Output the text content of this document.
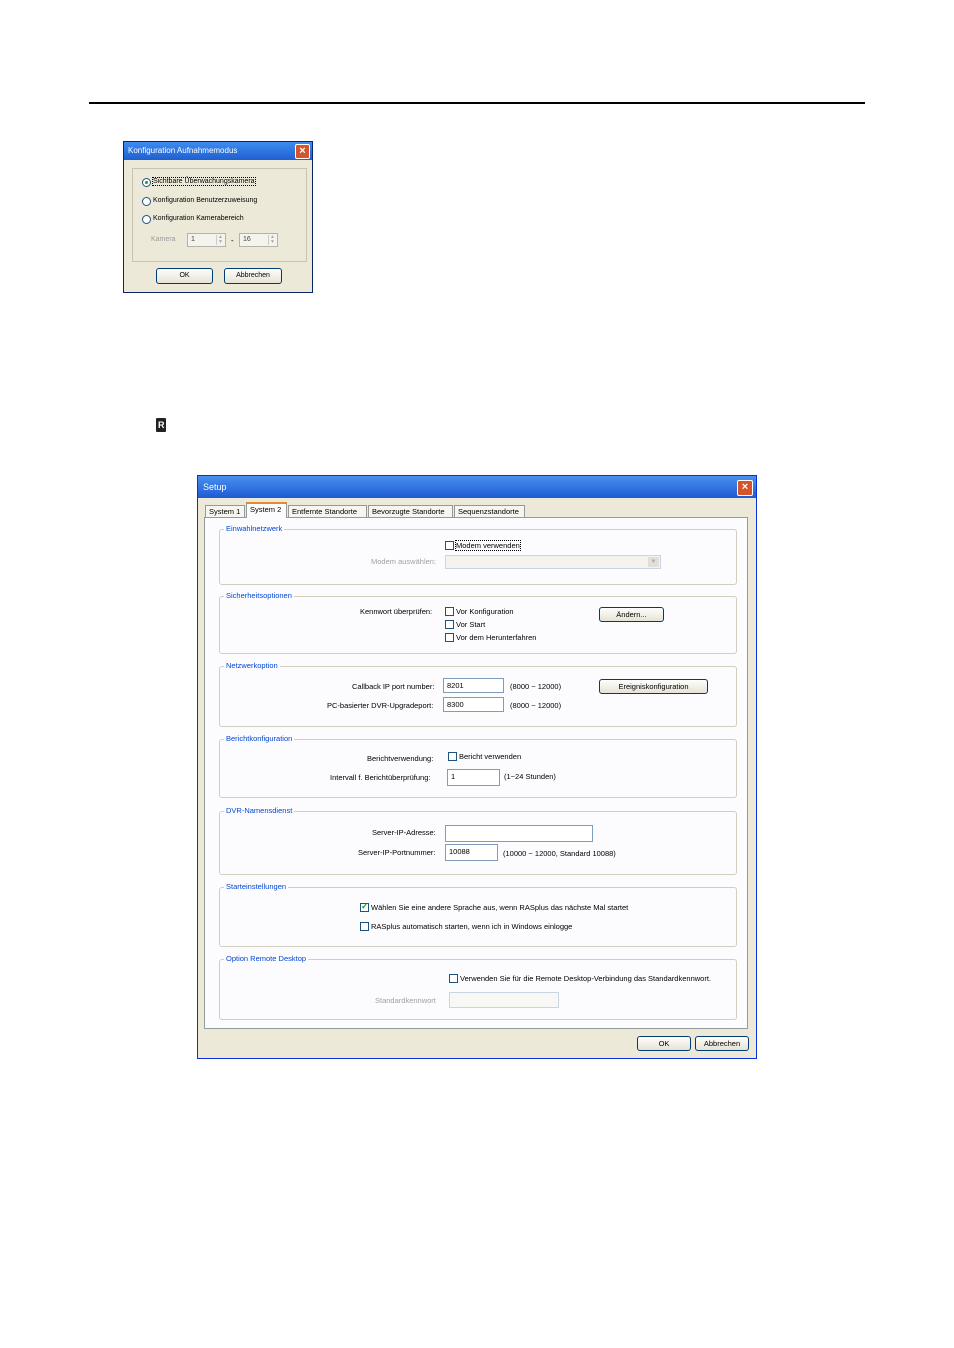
Konfiguration Aufnahmemodus	×
Sichtbare Überwachungskamera
Konfiguration Benutzerzuweisung
Konfiguration Kamerabereich
Kamera 1	▲
▼ - 16	▲
▼
OK	Abbrechen
R
Setup	×
System 1	System 2	Entfernte Standorte	Bevorzugte Standorte	Sequenzstandorte
Einwahlnetzwerk
Modem verwenden
Modem auswählen:	▼
Sicherheitsoptionen
Kennwort überprüfen:	Vor Konfiguration
Vor Start
Vor dem Herunterfahren
Ändern...
Netzwerkoption
Callback IP port number:	8201	(8000 ~ 12000)	Ereigniskonfiguration
PC-basierter DVR-Upgradeport:	8300	(8000 ~ 12000)
Berichtkonfiguration
Berichtverwendung:	Bericht verwenden
Intervall f. Berichtüberprüfung:	1	(1~24 Stunden)
DVR-Namensdienst
Server-IP-Adresse:
Server-IP-Portnummer:	10088	(10000 ~ 12000, Standard 10088)
Starteinstellungen
✓
Wählen Sie eine andere Sprache aus, wenn RASplus das nächste Mal startet
RASplus automatisch starten, wenn ich in Windows einlogge
Option Remote Desktop
Verwenden Sie für die Remote Desktop-Verbindung das Standardkennwort.
Standardkennwort
OK	Abbrechen
